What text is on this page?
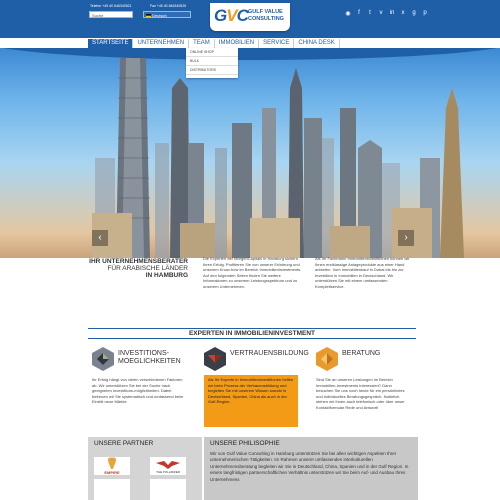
Telefon +49 40 646340521	Fax +49 40 646340525
Suche	Deutsch	GVC GULF VALUE
CONSULTING
◉	f	t	v in x g p
‹	›
STARTSEITE	UNTERNEHMEN	TEAM	IMMOBILIEN	SERVICE	CHINA DESK
ONLINE SHOP
BULK
DISTRIBUTORS
IHR UNTERNEHMENSBERATER
FÜR ARABISCHE LÄNDER
IN HAMBURG
Die Experten der MorgenCapitals in Hamburg sichern Ihren Erfolg. Profitieren Sie von unserer Erfahrung und unserem Know-how im Bereich Immobilieninvestments. Auf den folgenden Seiten finden Sie weitere Informationen zu unserem Leistungsspektrum und zu unserem Unternehmen.
Als Ihr Fachmann Immobilieninvestitionen können wir Ihnen erstklassige Anlageprodukte aus einer Hand anbieten. Vom Immobilienkauf in Dubai bis hin zur Investition in Immobilien in Deutschland. Wir unterstützen Sie mit einem umfassenden Komplettservice.
EXPERTEN IN IMMOBILIENINVESTMENT
INVESTITIONS-
MOEGLICHKEITEN
Ihr Erfolg hängt von vielen verschiedenen Faktoren ab. Wir unterstützen Sie bei der Suche nach geeigneten Investitions-möglichkeiten. Dabei betreuen wir Sie systematisch und umfassend beim Eintritt neue Märkte
VERTRAUENSBILDUNG
Als Ihr Experte in Immobilieninvestitionen helfen wir beim Prozess der Vertrauensbildung und begleiten Sie mit unserem Wissen sowohl in Deutschland, Spanien, China als auch in der Golf-Region.
BERATUNG
Sind Sie an unseren Leistungen im Bereich Immobilien-Investments interessiert? Dann besuchen Sie uns noch heute für ein persönliches und individuelles Beratungsgespräch. Natürlich stehen wir Ihnen auch telefonisch oder über unser Kontaktformular Rede und Antwort!
UNSERE PARTNER
EMPIRE	THE POLARIZER
UNSERE PHILISOPHIE
Wir von Gulf Value Consulting in Hamburg unterstützen Sie bei allen wichtigen Aspekten Ihrer unternehmerischen Tätigkeiten. Im Rahmen unserer umfassenden interkulturellen Unternehmensberatung begleiten wir Sie in Deutschland, China, Spanien und in der Gulf Region. In einem langfristigen partnerschaftlichen Verhältnis unterstützen wir Sie beim Auf- und Ausbau Ihres Unternehmens
